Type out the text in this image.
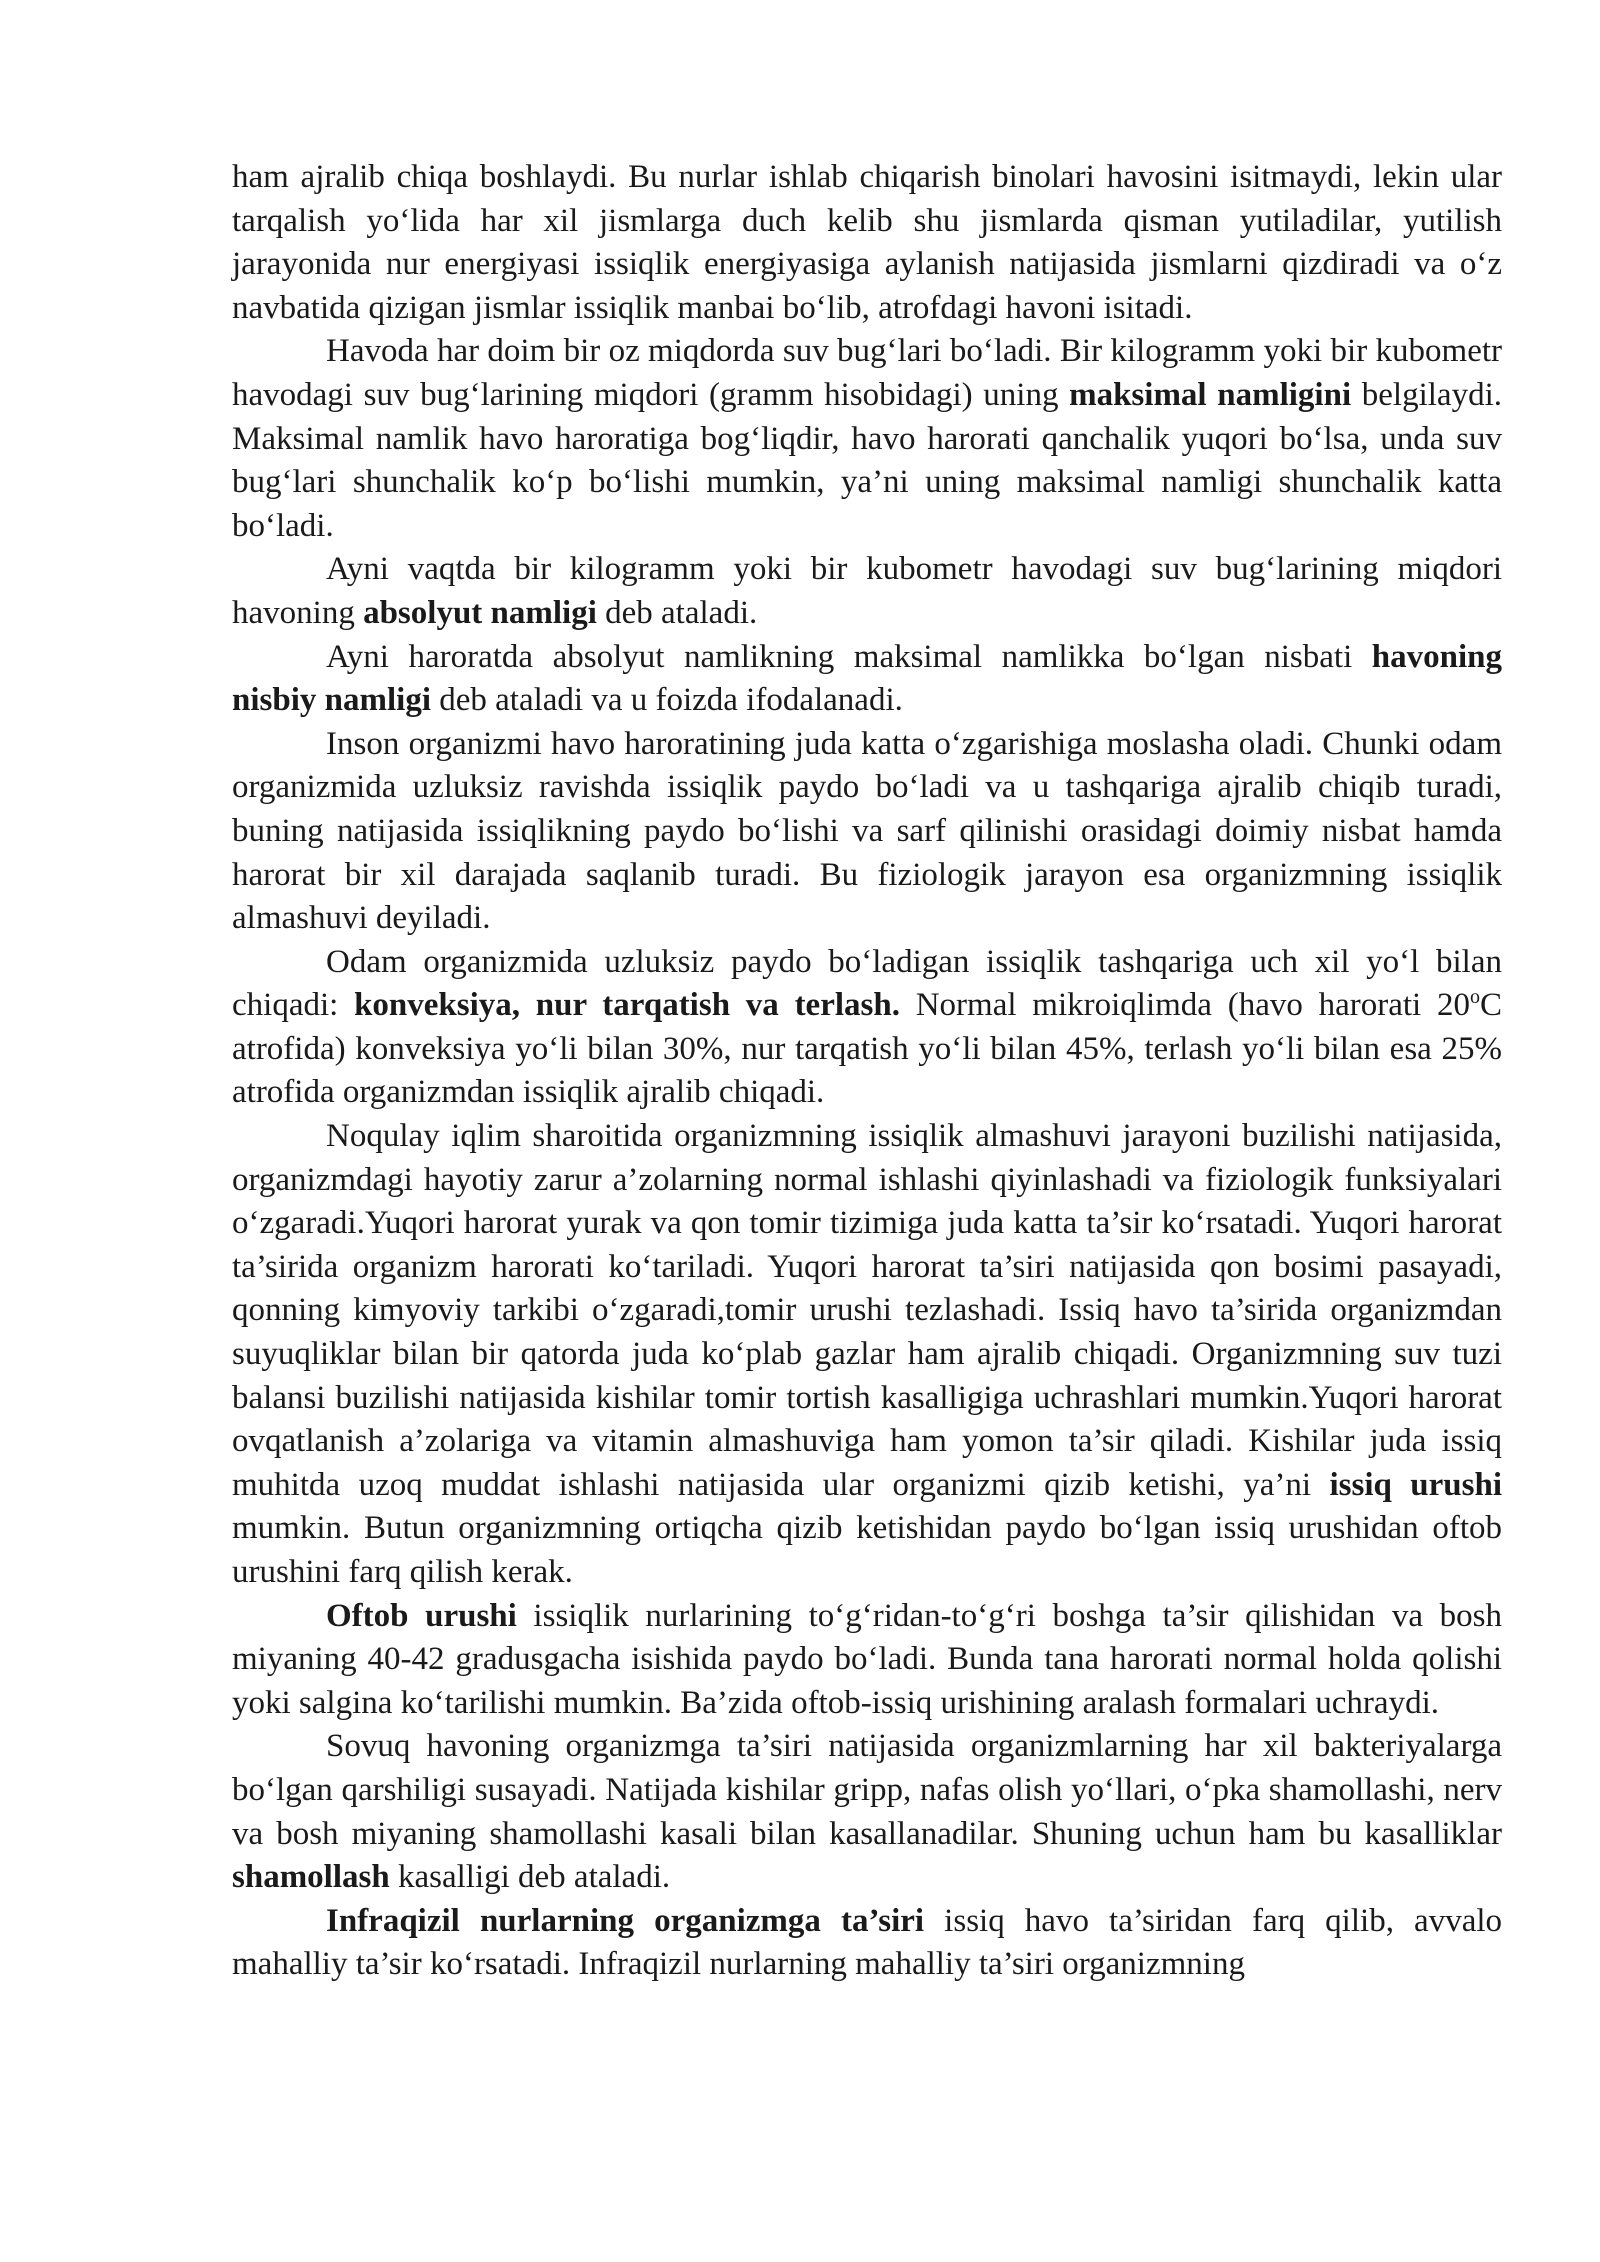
ham ajralib chiqa boshlaydi. Bu nurlar ishlab chiqarish binolari havosini isitmaydi, lekin ular tarqalish yo‘lida har xil jismlarga duch kelib shu jismlarda qisman yutiladilar, yutilish jarayonida nur energiyasi issiqlik energiyasiga aylanish natijasida jismlarni qizdiradi va o‘z navbatida qizigan jismlar issiqlik manbai bo‘lib, atrofdagi havoni isitadi.

Havoda har doim bir oz miqdorda suv bug‘lari bo‘ladi. Bir kilogramm yoki bir kubometr havodagi suv bug‘larining miqdori (gramm hisobidagi) uning maksimal namligini belgilaydi. Maksimal namlik havo haroratiga bog‘liqdir, havo harorati qanchalik yuqori bo‘lsa, unda suv bug‘lari shunchalik ko‘p bo‘lishi mumkin, ya’ni uning maksimal namligi shunchalik katta bo‘ladi.

Ayni vaqtda bir kilogramm yoki bir kubometr havodagi suv bug‘larining miqdori havoning absolyut namligi deb ataladi.

Ayni haroratda absolyut namlikning maksimal namlikka bo‘lgan nisbati havoning nisbiy namligi deb ataladi va u foizda ifodalanadi.

Inson organizmi havo haroratining juda katta o‘zgarishiga moslasha oladi. Chunki odam organizmida uzluksiz ravishda issiqlik paydo bo‘ladi va u tashqariga ajralib chiqib turadi, buning natijasida issiqlikning paydo bo‘lishi va sarf qilinishi orasidagi doimiy nisbat hamda harorat bir xil darajada saqlanib turadi. Bu fiziologik jarayon esa organizmning issiqlik almashuvi deyiladi.

Odam organizmida uzluksiz paydo bo‘ladigan issiqlik tashqariga uch xil yo‘l bilan chiqadi: konveksiya, nur tarqatish va terlash. Normal mikroiqlimda (havo harorati 20$^o$C atrofida) konveksiya yo‘li bilan 30%, nur tarqatish yo‘li bilan 45%, terlash yo‘li bilan esa 25% atrofida organizmdan issiqlik ajralib chiqadi.

Noqulay iqlim sharoitida organizmning issiqlik almashuvi jarayoni buzilishi natijasida, organizmdagi hayotiy zarur a’zolarning normal ishlashi qiyinlashadi va fiziologik funksiyalari o‘zgaradi.Yuqori harorat yurak va qon tomir tizimiga juda katta ta’sir ko‘rsatadi. Yuqori harorat ta’sirida organizm harorati ko‘tariladi. Yuqori harorat ta’siri natijasida qon bosimi pasayadi, qonning kimyoviy tarkibi o‘zgaradi,tomir urushi tezlashadi. Issiq havo ta’sirida organizmdan suyuqliklar bilan bir qatorda juda ko‘plab gazlar ham ajralib chiqadi. Organizmning suv tuzi balansi buzilishi natijasida kishilar tomir tortish kasalligiga uchrashlari mumkin.Yuqori harorat ovqatlanish a’zolariga va vitamin almashuviga ham yomon ta’sir qiladi. Kishilar juda issiq muhitda uzoq muddat ishlashi natijasida ular organizmi qizib ketishi, ya’ni issiq urushi mumkin. Butun organizmning ortiqcha qizib ketishidan paydo bo‘lgan issiq urushidan oftob urushini farq qilish kerak.

Oftob urushi issiqlik nurlarining to‘g‘ridan-to‘g‘ri boshga ta’sir qilishidan va bosh miyaning 40-42 gradusgacha isishida paydo bo‘ladi. Bunda tana harorati normal holda qolishi yoki salgina ko‘tarilishi mumkin. Ba’zida oftob-issiq urishining aralash formalari uchraydi.

Sovuq havoning organizmga ta’siri natijasida organizmlarning har xil bakteriyalarga bo‘lgan qarshiligi susayadi. Natijada kishilar gripp, nafas olish yo‘llari, o‘pka shamollashi, nerv va bosh miyaning shamollashi kasali bilan kasallanadilar. Shuning uchun ham bu kasalliklar shamollash kasalligi deb ataladi.

Infraqizil nurlarning organizmga ta’siri issiq havo ta’siridan farq qilib, avvalo mahalliy ta’sir ko‘rsatadi. Infraqizil nurlarning mahalliy ta’siri organizmning
